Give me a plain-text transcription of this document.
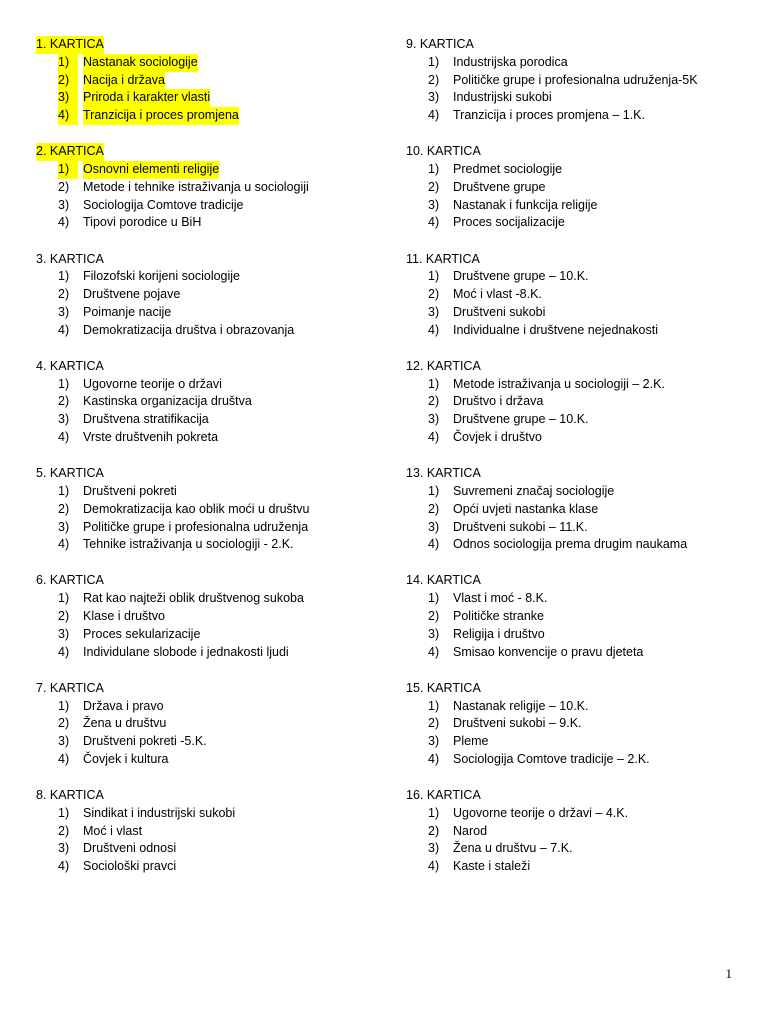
1. KARTICA
1)	Nastanak sociologije
2)	Nacija i država
3)	Priroda i karakter vlasti
4)	Tranzicija i proces promjena
2. KARTICA
1)	Osnovni elementi religije
2)	Metode i tehnike istraživanja u sociologiji
3)	Sociologija Comtove tradicije
4)	Tipovi porodice u BiH
3. KARTICA
1)	Filozofski korijeni sociologije
2)	Društvene pojave
3)	Poimanje nacije
4)	Demokratizacija društva i obrazovanja
4. KARTICA
1)	Ugovorne teorije o državi
2)	Kastinska organizacija društva
3)	Društvena stratifikacija
4)	Vrste društvenih pokreta
5. KARTICA
1)	Društveni pokreti
2)	Demokratizacija kao oblik moći u društvu
3)	Političke grupe i profesionalna udruženja
4)	Tehnike istraživanja u sociologiji - 2.K.
6. KARTICA
1)	Rat kao najteži oblik društvenog sukoba
2)	Klase i društvo
3)	Proces sekularizacije
4)	Individulane slobode i jednakosti ljudi
7. KARTICA
1)	Država i pravo
2)	Žena u društvu
3)	Društveni pokreti -5.K.
4)	Čovjek i kultura
8. KARTICA
1)	Sindikat i industrijski sukobi
2)	Moć i vlast
3)	Društveni odnosi
4)	Sociološki pravci
9. KARTICA
1)	Industrijska porodica
2)	Političke grupe i profesionalna udruženja-5K
3)	Industrijski sukobi
4)	Tranzicija i proces promjena – 1.K.
10. KARTICA
1)	Predmet sociologije
2)	Društvene grupe
3)	Nastanak i funkcija religije
4)	Proces socijalizacije
11. KARTICA
1)	Društvene grupe – 10.K.
2)	Moć i vlast -8.K.
3)	Društveni sukobi
4)	Individualne i društvene nejednakosti
12. KARTICA
1)	Metode istraživanja u sociologiji – 2.K.
2)	Društvo i država
3)	Društvene grupe – 10.K.
4)	Čovjek i društvo
13. KARTICA
1)	Suvremeni značaj sociologije
2)	Opći uvjeti nastanka klase
3)	Društveni sukobi – 11.K.
4)	Odnos sociologija prema drugim naukama
14. KARTICA
1)	Vlast i moć - 8.K.
2)	Političke stranke
3)	Religija i društvo
4)	Smisao konvencije o pravu djeteta
15. KARTICA
1)	Nastanak religije – 10.K.
2)	Društveni sukobi – 9.K.
3)	Pleme
4)	Sociologija Comtove tradicije – 2.K.
16. KARTICA
1)	Ugovorne teorije o državi – 4.K.
2)	Narod
3)	Žena u društvu – 7.K.
4)	Kaste i staleži
1
